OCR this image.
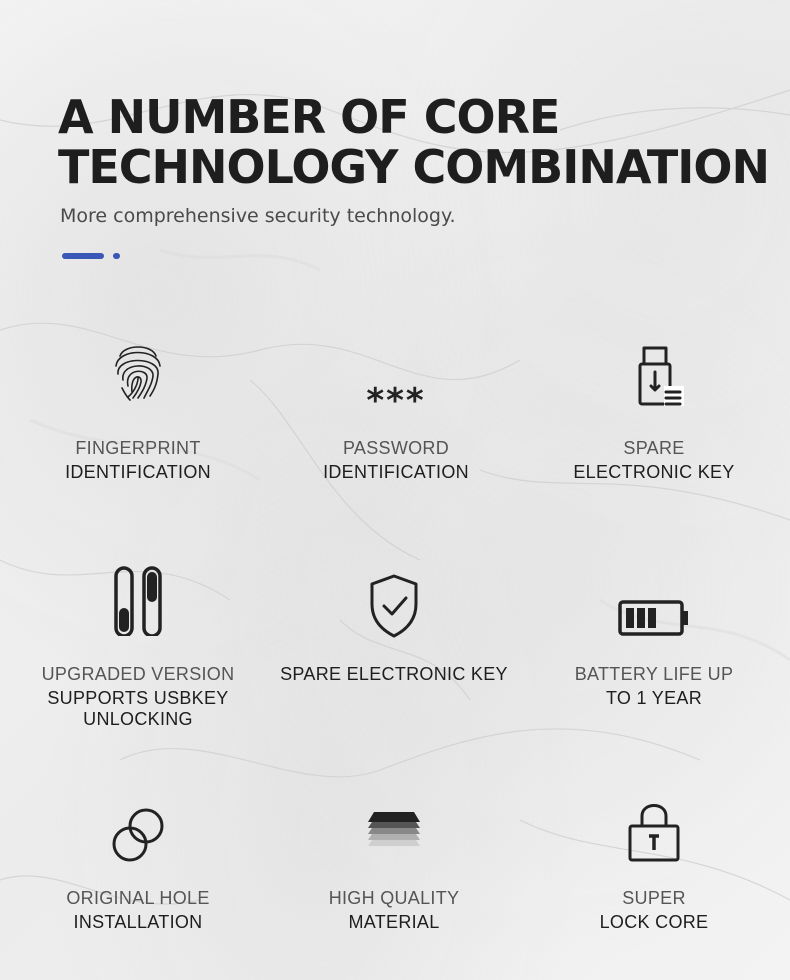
A NUMBER OF CORE
TECHNOLOGY COMBINATION

More comprehensive security technology.

FINGERPRINT
IDENTIFICATION
***
PASSWORD
IDENTIFICATION
SPARE
ELECTRONIC KEY
UPGRADED VERSION
SUPPORTS USBKEY UNLOCKING
SPARE ELECTRONIC KEY	BATTERY LIFE UP
TO 1 YEAR
ORIGINAL HOLE
INSTALLATION
HIGH QUALITY
MATERIAL
SUPER
LOCK CORE
